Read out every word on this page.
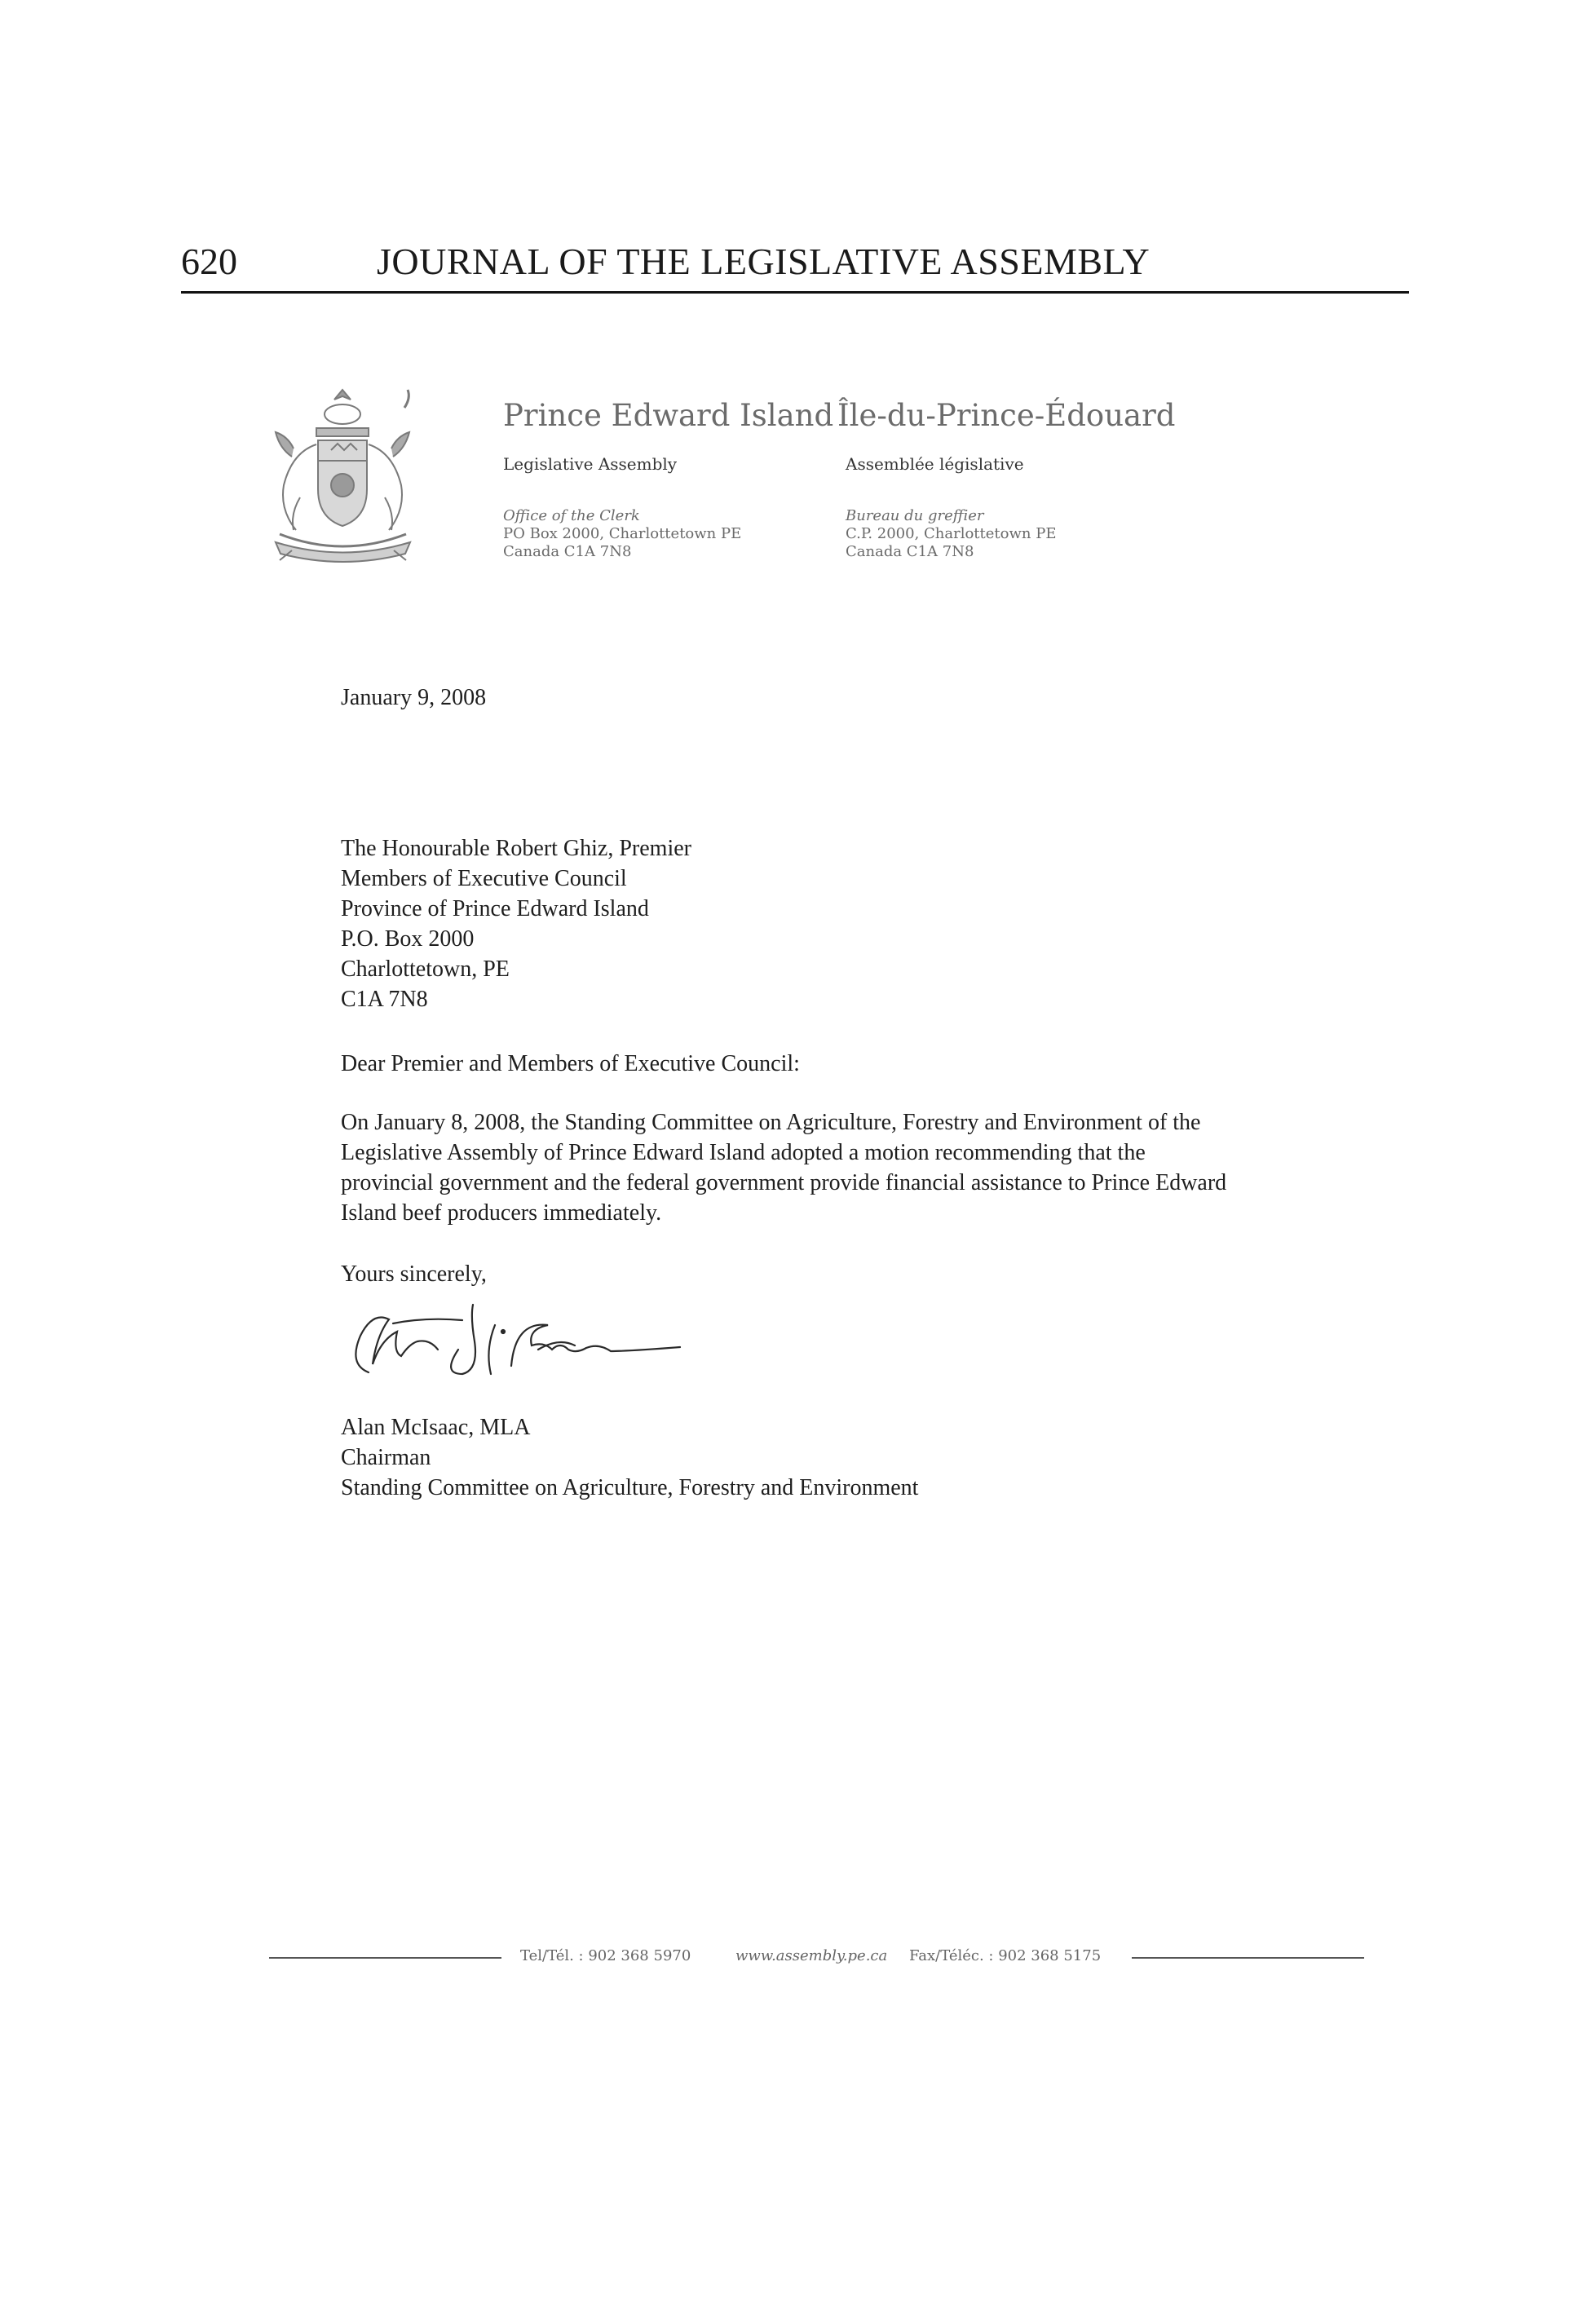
620	JOURNAL OF THE LEGISLATIVE ASSEMBLY
Prince Edward Island
Legislative Assembly
Office of the Clerk
PO Box 2000, Charlottetown PE
Canada C1A 7N8
Île-du-Prince-Édouard
Assemblée législative
Bureau du greffier
C.P. 2000, Charlottetown PE
Canada C1A 7N8
January 9, 2008
The Honourable Robert Ghiz, Premier
Members of Executive Council
Province of Prince Edward Island
P.O. Box 2000
Charlottetown, PE
C1A 7N8
Dear Premier and Members of Executive Council:
On January 8, 2008, the Standing Committee on Agriculture, Forestry and Environment of the
Legislative Assembly of Prince Edward Island adopted a motion recommending that the
provincial government and the federal government provide financial assistance to Prince Edward
Island beef producers immediately.
Yours sincerely,
Alan McIsaac, MLA
Chairman
Standing Committee on Agriculture, Forestry and Environment
Tel/Tél. : 902 368 5970	www.assembly.pe.ca Fax/Téléc. : 902 368 5175
